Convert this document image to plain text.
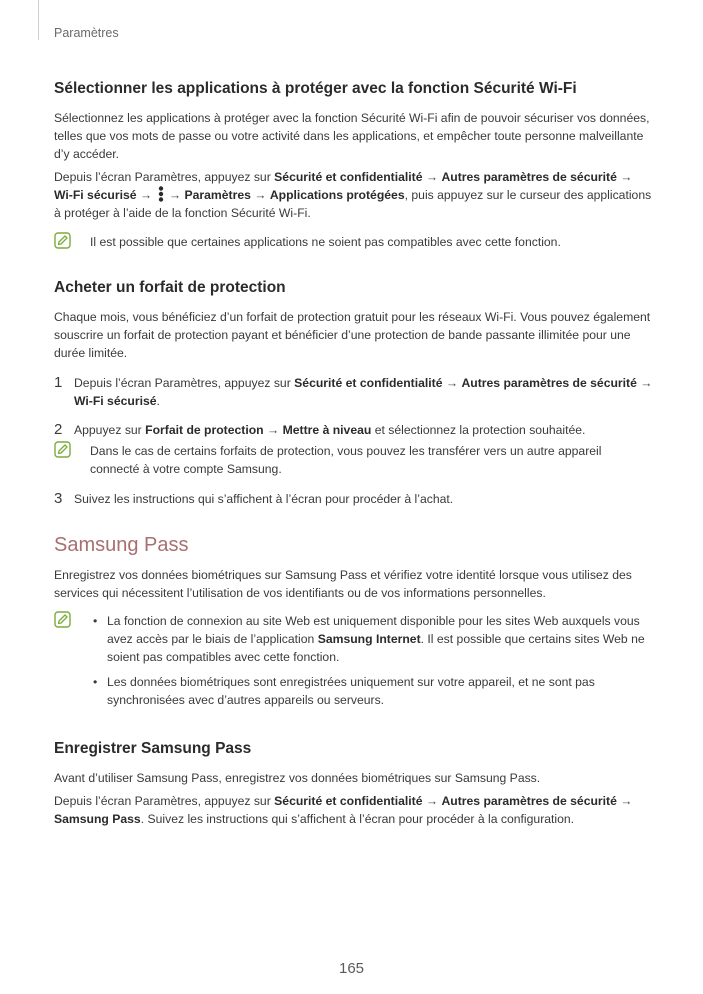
Paramètres
Sélectionner les applications à protéger avec la fonction Sécurité Wi-Fi

Sélectionnez les applications à protéger avec la fonction Sécurité Wi-Fi afin de pouvoir sécuriser vos données, telles que vos mots de passe ou votre activité dans les applications, et empêcher toute personne malveillante d’y accéder.

Depuis l’écran Paramètres, appuyez sur Sécurité et confidentialité → Autres paramètres de sécurité → Wi-Fi sécurisé →  → Paramètres → Applications protégées, puis appuyez sur le curseur des applications à protéger à l’aide de la fonction Sécurité Wi-Fi.

Il est possible que certaines applications ne soient pas compatibles avec cette fonction.

Acheter un forfait de protection

Chaque mois, vous bénéficiez d’un forfait de protection gratuit pour les réseaux Wi-Fi. Vous pouvez également souscrire un forfait de protection payant et bénéficier d’une protection de bande passante illimitée pour une durée limitée.

1 Depuis l’écran Paramètres, appuyez sur Sécurité et confidentialité → Autres paramètres de sécurité → Wi-Fi sécurisé.

2 Appuyez sur Forfait de protection → Mettre à niveau et sélectionnez la protection souhaitée.

Dans le cas de certains forfaits de protection, vous pouvez les transférer vers un autre appareil connecté à votre compte Samsung.

3 Suivez les instructions qui s’affichent à l’écran pour procéder à l’achat.

Samsung Pass

Enregistrez vos données biométriques sur Samsung Pass et vérifiez votre identité lorsque vous utilisez des services qui nécessitent l’utilisation de vos identifiants ou de vos informations personnelles.

• La fonction de connexion au site Web est uniquement disponible pour les sites Web auxquels vous avez accès par le biais de l’application Samsung Internet. Il est possible que certains sites Web ne soient pas compatibles avec cette fonction.
• Les données biométriques sont enregistrées uniquement sur votre appareil, et ne sont pas synchronisées avec d’autres appareils ou serveurs.
Enregistrer Samsung Pass

Avant d’utiliser Samsung Pass, enregistrez vos données biométriques sur Samsung Pass.

Depuis l’écran Paramètres, appuyez sur Sécurité et confidentialité → Autres paramètres de sécurité → Samsung Pass. Suivez les instructions qui s’affichent à l’écran pour procéder à la configuration.

165
